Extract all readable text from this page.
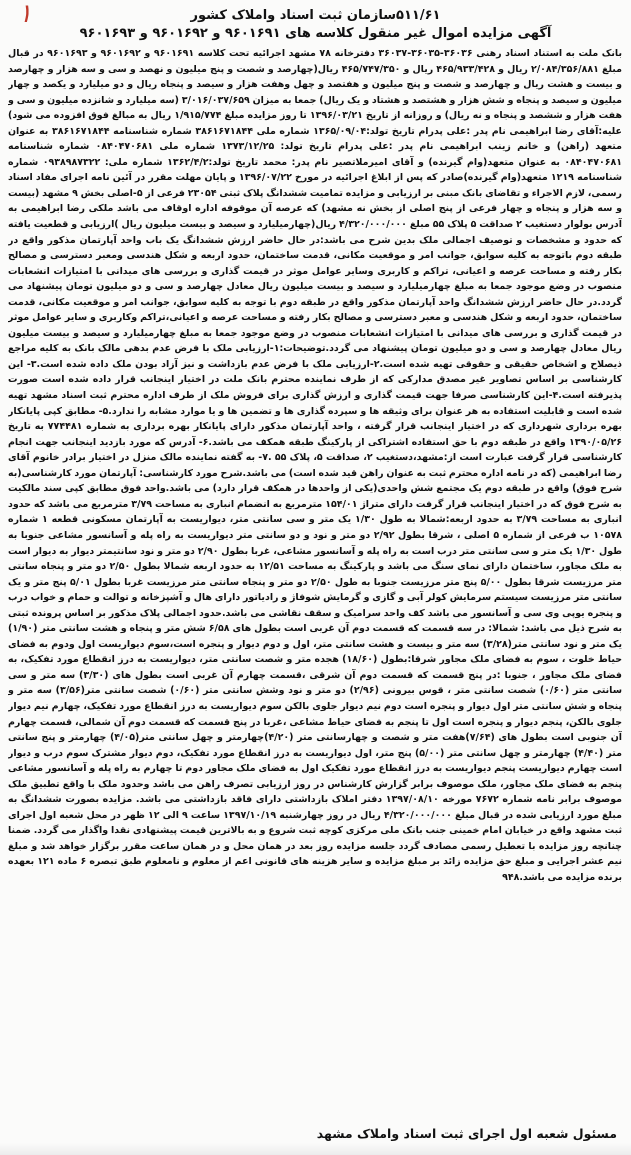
۱	۵۱۱/۶۱سازمان ثبت اسناد واملاک کشور
آگهی مزایده اموال غیر منقول کلاسه های ۹۶۰۱۶۹۱ و ۹۶۰۱۶۹۲ و ۹۶۰۱۶۹۳
بانک ملت به استناد اسناد رهنی ۳۶۰۳۶-۳۶۰۳۵-۳۶۰۳۷ دفترخانه ۷۸ مشهد اجرائیه تحت کلاسه ۹۶۰۱۶۹۱ و ۹۶۰۱۶۹۲ و ۹۶۰۱۶۹۳ در قبال مبلغ ۲/۰۸۴/۳۵۶/۸۸۱ ریال و ۴۶۵/۹۳۳/۴۲۸ ریال و ۴۶۵/۷۴۷/۳۵۰ ریال(چهارصد و شصت و پنج میلیون و نهصد و سی و سه هزار و چهارصد و بیست و هشت ریال و چهارصد و شصت و پنج میلیون و هفتصد و چهل وهفت هزار و سیصد و پنجاه ریال و دو میلیارد و یکصد و چهار میلیون و سیصد و پنجاه و شش هزار و هشتصد و هشتاد و یک ریال) جمعا به میزان ۳/۰۱۶/۰۳۷/۶۵۹ (سه میلیارد و شانزده میلیون و سی و هفت هزار و ششصد و پنجاه و نه ریال) و روزانه از تاریخ ۱۳۹۶/۰۳/۲۱ تا روز مزایده مبلغ ۱/۹۱۵/۷۷۴ ریال به مبالغ فوق افزوده می شود) علیه:آقای رضا ابراهیمی نام پدر :علی پدرام تاریخ تولد:۱۳۶۵/۰۹/۰۴ شماره ملی ۳۸۶۱۶۷۱۸۴۴ شماره شناسنامه ۳۸۶۱۶۷۱۸۴۴ به عنوان متعهد (راهن) و خانم زینب ابراهیمی نام پدر :علی پدرام تاریخ تولد: ۱۳۷۳/۱۲/۲۵ شماره ملی ۰۸۴۰۴۷۰۶۸۱ شماره شناسنامه ۰۸۴۰۴۷۰۶۸۱ به عنوان متعهد(وام گیرنده) و آقای امیرملاتصیر نام پدر: محمد تاریخ تولد:۱۳۶۲/۴/۲ شماره ملی: ۰۹۳۸۹۸۷۳۲۲ شماره شناسنامه ۱۲۱۹ متعهد(وام گیرنده)صادر که پس از ابلاغ اجرائیه در مورخ ۱۳۹۶/۰۷/۲۲ و پایان مهلت مقرر در آئین نامه اجرای مفاد اسناد رسمی، لازم الاجراء و تقاضای بانک مبنی بر ارزیابی و مزایده تمامیت ششدانگ پلاک ثبتی ۲۳۰۵۴ فرعی از ۵-اصلی بخش ۹ مشهد (بیست و سه هزار و پنجاه و چهار فرعی از پنج اصلی از بخش نه مشهد) که عرصه آن موقوفه اداره اوقاف می باشد ملکی رضا ابراهیمی به آدرس بولوار دستغیب ۲ صداقت ۵ پلاک ۵۵ مبلغ ۴/۳۲۰/۰۰۰/۰۰۰ ریال(چهارمیلیارد و سیصد و بیست میلیون ریال )ارزیابی و قطعیت یافته که حدود و مشخصات و توصیف اجمالی ملک بدین شرح می باشد:در حال حاضر ارزش ششدانگ یک باب واحد آپارتمان مذکور واقع در طبقه دوم باتوجه به کلیه سوابق، جوانب امر و موقعیت مکانی، قدمت ساختمان، حدود اربعه و شکل هندسی ومعبر دسترسی و مصالح بکار رفته و مساحت عرصه و اعیانی، تراکم و کاربری وسایر عوامل موثر در قیمت گذاری و بررسی های میدانی با امتیازات انشعابات منصوب در وضع موجود جمعا به مبلغ چهارمیلیارد و سیصد و بیست میلیون ریال معادل چهارصد و سی و دو میلیون تومان پیشنهاد می گردد.در حال حاضر ارزش ششدانگ واحد آپارتمان مذکور واقع در طبقه دوم با توجه به کلیه سوابق، جوانب امر و موقعیت مکانی، قدمت ساختمان، حدود اربعه و شکل هندسی و معبر دسترسی و مصالح بکار رفته و مساحت عرصه و اعیانی،تراکم وکاربری و سایر عوامل موثر در قیمت گذاری و بررسی های میدانی با امتیازات انشعابات منصوب در وضع موجود جمعا به مبلغ چهارمیلیارد و سیصد و بیست میلیون ریال معادل چهارصد و سی و دو میلیون تومان پیشنهاد می گردد.توضیحات:۱-ارزیابی ملک با فرض عدم بدهی مالک بانک به کلیه مراجع ذیصلاح و اشخاص حقیقی و حقوقی تهیه شده است.۲-ارزیابی ملک با فرض عدم بازداشت و نیز آزاد بودن ملک داده شده است.۳- این کارشناسی بر اساس تصاویر غیر مصدق مدارکی که از طرف نماینده محترم بانک ملت در اختیار اینجانب قرار داده شده است صورت پذیرفته است.۴-این کارشناسی صرفا جهت قیمت گذاری و ارزش گذاری برای فروش ملک از طرف اداره محترم ثبت اسناد مشهد تهیه شده است و قابلیت استفاده به هر عنوان برای وثیقه ها و سپرده گذاری ها و تضمین ها و یا موارد مشابه را ندارد.۵- مطابق کپی پایانکار بهره برداری شهرداری که در اختیار اینجانب قرار گرفته ، واحد آپارتمان مذکور دارای پایانکار بهره برداری به شماره ۷۷۴۴۸۱ به تاریخ ۱۳۹۰/۰۵/۲۶ واقع در طبقه دوم با حق استفاده اشتراکی از پارکینگ طبقه همکف می باشد.۶- آدرس که مورد بازدید اینجانب جهت انجام کارشناسی قرار گرفت عبارت است از:مشهد،دستغیب ۲، صداقت ۵، پلاک ۵۵ .۷- به گفته نماینده مالک منزل در اختیار برادر خانوم آقای رضا ابراهیمی (که در نامه اداره محترم ثبت به عنوان راهن قید شده است) می باشد.شرح مورد کارشناسی: آپارتمان مورد کارشناسی(به شرح فوق) واقع در طبقه دوم یک مجتمع شش واحدی(یکی از واحدها در همکف قرار دارد) می باشد.واحد فوق مطابق کپی سند مالکیت به شرح فوق که در اختیار اینجانب قرار گرفت دارای متراژ ۱۵۴/۰۱ مترمربع به انضمام انباری به مساحت ۳/۷۹ مترمربع می باشد که حدود انباری به مساحت ۳/۷۹ به حدود اربعه:شمالا به طول ۱/۳۰ یک متر و سی سانتی متر، دیواریست به آپارتمان مسکونی قطعه ۱ شماره ۱۰۵۷۸ ب فرعی از شماره ۵ اصلی ، شرقا بطول ۲/۹۲ دو متر و نود و دو سانتی متر دیواریست به راه پله و آسانسور مشاعی جنوبا به طول ۱/۳۰ یک متر و سی سانتی متر درب است به راه پله و آسانسور مشاعی، غربا بطول ۲/۹۰ دو متر و نود سانتیمتر دیوار به دیوار است به ملک مجاور، ساختمان دارای نمای سنگ می باشد و پارکینگ به مساحت ۱۲/۵۱ به حدود اربعه شمالا بطول ۲/۵۰ دو متر و پنجاه سانتی متر مرزیست شرقا بطول ۵/۰۰ پنج متر مرزیست جنوبا به طول ۲/۵۰ دو متر و پنجاه سانتی متر مرزیست غربا بطول ۵/۰۱ پنج متر و یک سانتی متر مرزیست سیستم سرمایش کولر آبی و گازی و گرمایش شوفاژ و رادیاتور دارای هال و آشپزخانه و توالت و حمام و خواب درب و پنجره یوپی وی سی و آسانسور می باشد کف واحد سرامیک و سقف نقاشی می باشد.حدود اجمالی پلاک مذکور بر اساس پرونده ثبتی به شرح ذیل می باشد: شمالا: در سه قسمت که قسمت دوم آن غربی است بطول های ۶/۵۸ شش متر و پنجاه و هشت سانتی متر (۱/۹۰) یک متر و نود سانتی متر(۳/۲۸) سه متر و بیست و هشت سانتی متر، اول و دوم دیوار و پنجره است،سوم دیواریست اول ودوم به فضای حیاط خلوت ، سوم به فضای ملک مجاور شرقا:بطول (۱۸/۶۰) هجده متر و شصت سانتی متر، دیواریست به درز انقطاع مورد تفکیک، به فضای ملک مجاور ، جنوبا :در پنج قسمت که قسمت دوم آن شرقی ،قسمت چهارم آن غربی است بطول های (۳/۳۰) سه متر و سی سانتی متر (۰/۶۰) شصت سانتی متر ، قوس بیرونی (۲/۹۶) دو متر و نود وشش سانتی متر (۰/۶۰) شصت سانتی متر(۳/۵۶) سه متر و پنجاه و شش سانتی متر اول دیوار و پنجره است دوم نیم دیوار جلوی بالکن سوم دیواریست به درز انقطاع مورد تفکیک، چهارم نیم دیوار جلوی بالکن، پنجم دیوار و پنجره است اول تا پنجم به فضای حیاط مشاعی ،غربا در پنج قسمت که قسمت دوم آن شمالی، قسمت چهارم آن جنوبی است بطول های (۷/۶۴)هفت متر و شصت و چهارسانتی متر (۴/۲۰)چهارمتر و چهل سانتی متر(۴/۰۵) چهارمتر و پنج سانتی متر (۴/۴۰) چهارمتر و چهل سانتی متر (۵/۰۰) پنج متر، اول دیواریست به درز انقطاع مورد تفکیک، دوم دیوار مشترک سوم درب و دیوار است چهارم دیواریست پنجم دیواریست به درز انقطاع مورد تفکیک اول به فضای ملک مجاور دوم تا چهارم به راه پله و آسانسور مشاعی پنجم به فضای ملک مجاور، ملک موصوف برابر گزارش کارشناس در روز ارزیابی تصرف راهن می باشد وحدود ملک با واقع تطبیق ملک موصوف برابر نامه شماره ۷۶۷۲ مورخه ۱۳۹۷/۰۸/۱۰ دفتر املاک بازداشتی دارای فاقد بازداشتی می باشد. مزایده بصورت ششدانگ به مبلغ مورد ارزیابی شده در قبال مبلغ ۴/۳۲۰/۰۰۰/۰۰۰ ریال در روز چهارشنبه ۱۳۹۷/۱۰/۱۹ ساعت ۹ الی ۱۲ ظهر در محل شعبه اول اجرای ثبت مشهد واقع در خیابان امام خمینی جنب بانک ملی مرکزی کوچه ثبت شروع و به بالاترین قیمت پیشنهادی نقدا واگذار می گردد. ضمنا چنانچه روز مزایده با تعطیل رسمی مصادف گردد جلسه مزایده روز بعد در همان محل و در همان ساعت مقرر برگزار خواهد شد و مبلغ نیم عشر اجرایی و مبلغ حق مزایده زائد بر مبلغ مزایده و سایر هزینه های قانونی اعم از معلوم و نامعلوم طبق تبصره ۶ ماده ۱۲۱ بعهده برنده مزایده می باشد.۹۴۸
مسئول شعبه اول اجرای ثبت اسناد واملاک مشهد
